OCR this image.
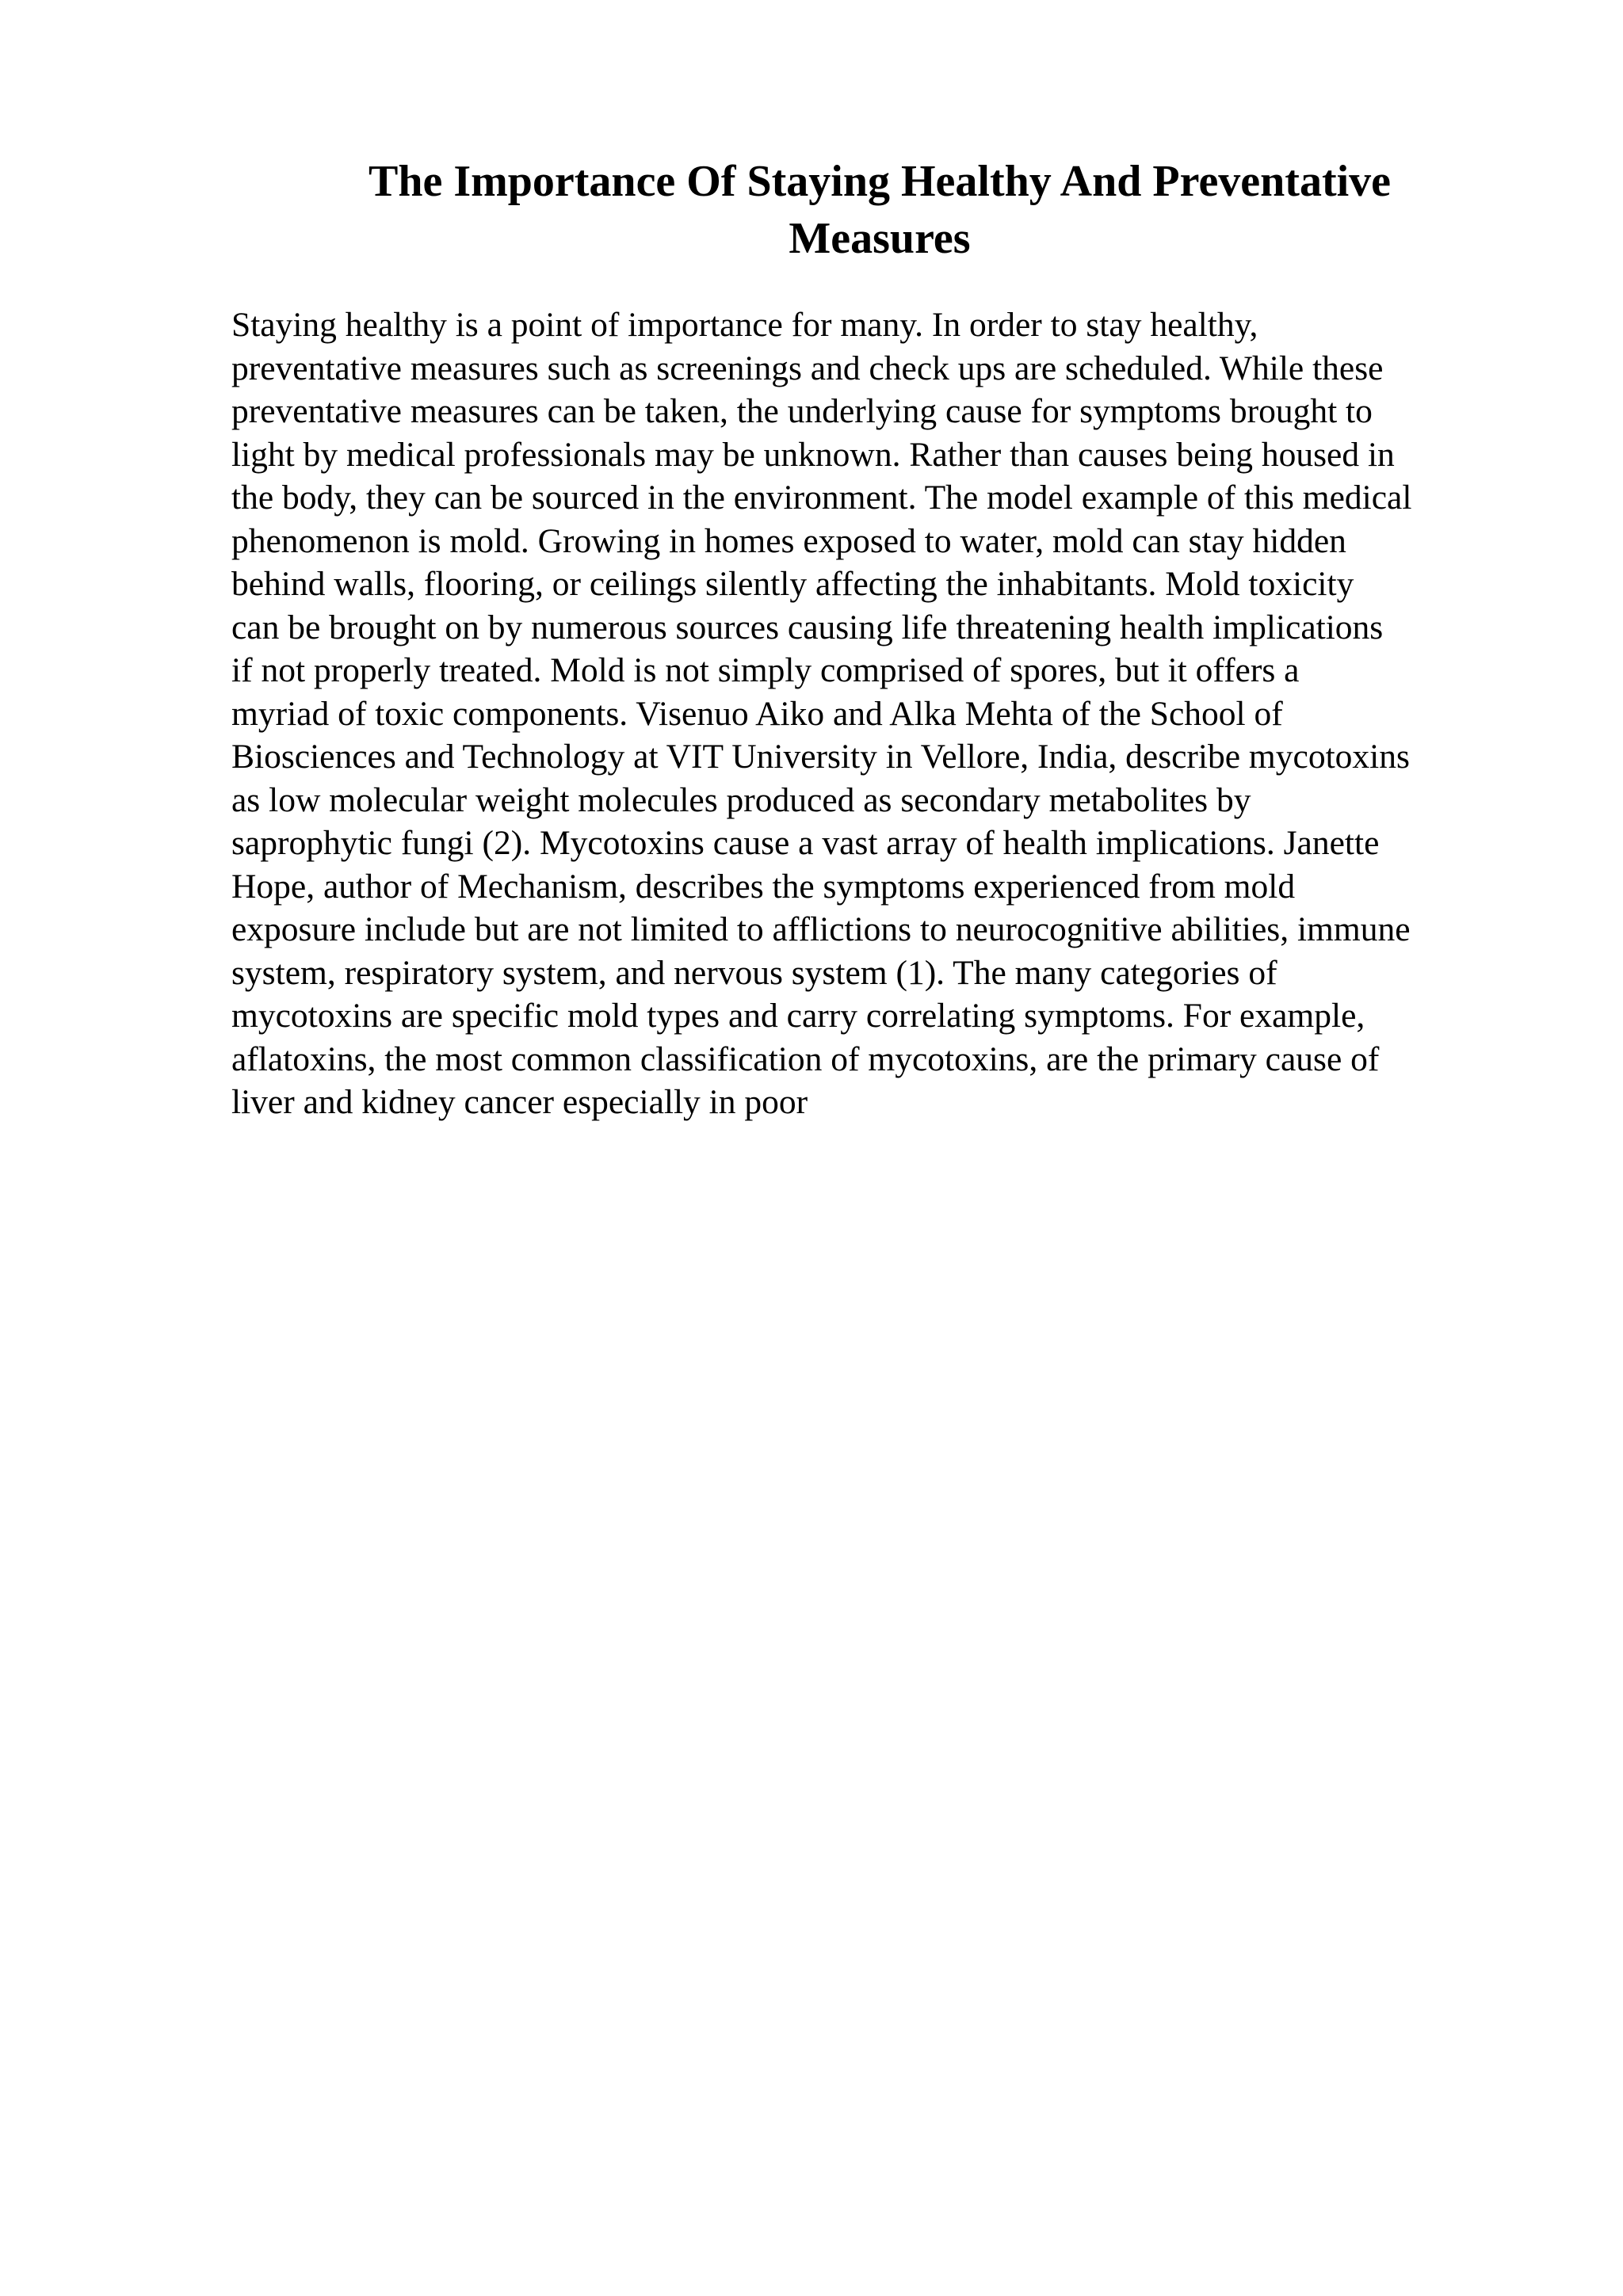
The Importance Of Staying Healthy And Preventative
Measures

Staying healthy is a point of importance for many. In order to stay healthy,
preventative measures such as screenings and check ups are scheduled. While these
preventative measures can be taken, the underlying cause for symptoms brought to
light by medical professionals may be unknown. Rather than causes being housed in
the body, they can be sourced in the environment. The model example of this medical
phenomenon is mold. Growing in homes exposed to water, mold can stay hidden
behind walls, flooring, or ceilings silently affecting the inhabitants. Mold toxicity
can be brought on by numerous sources causing life threatening health implications
if not properly treated. Mold is not simply comprised of spores, but it offers a
myriad of toxic components. Visenuo Aiko and Alka Mehta of the School of
Biosciences and Technology at VIT University in Vellore, India, describe mycotoxins
as low molecular weight molecules produced as secondary metabolites by
saprophytic fungi (2). Mycotoxins cause a vast array of health implications. Janette
Hope, author of Mechanism, describes the symptoms experienced from mold
exposure include but are not limited to afflictions to neurocognitive abilities, immune
system, respiratory system, and nervous system (1). The many categories of
mycotoxins are specific mold types and carry correlating symptoms. For example,
aflatoxins, the most common classification of mycotoxins, are the primary cause of
liver and kidney cancer especially in poor
